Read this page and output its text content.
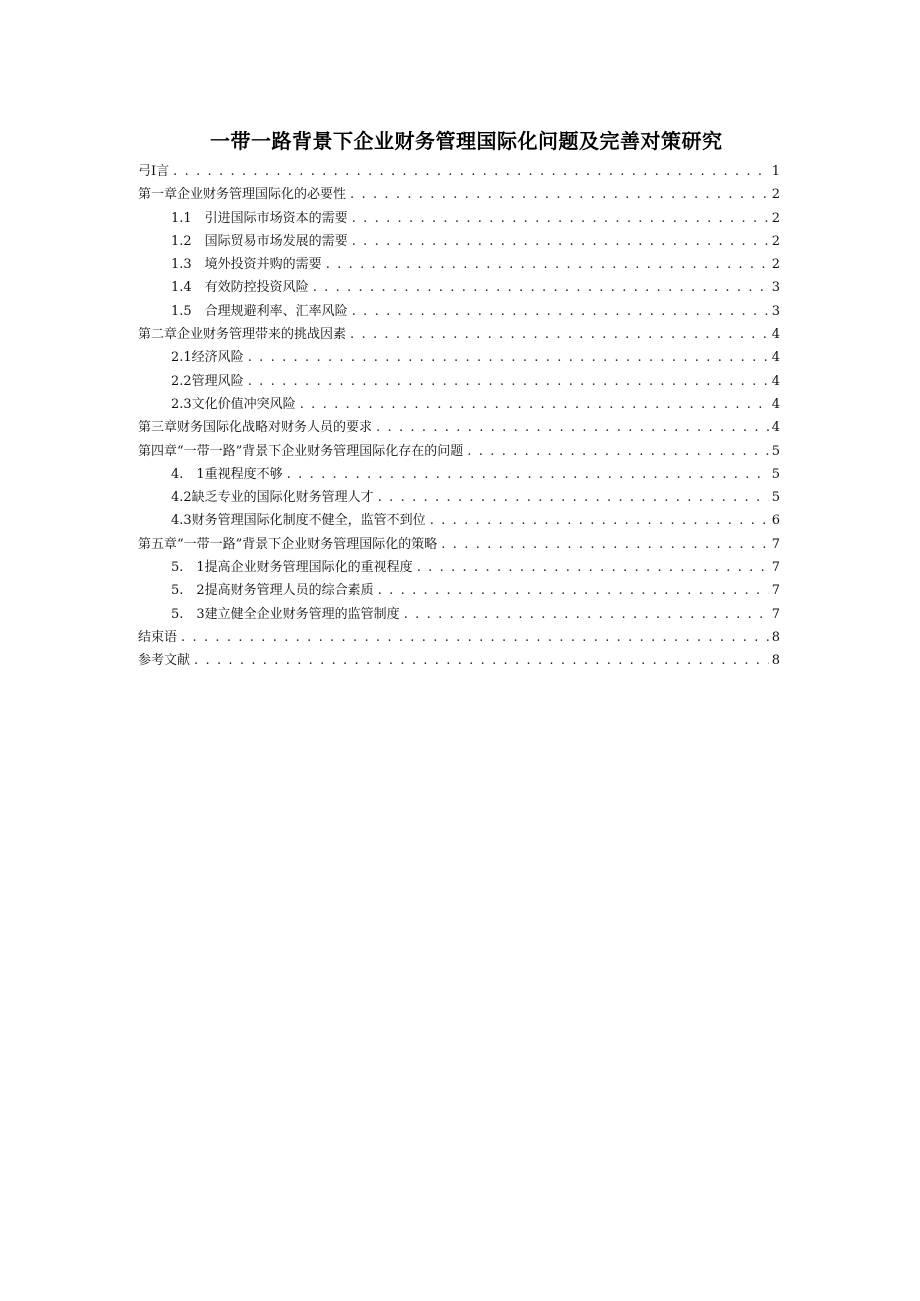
一带一路背景下企业财务管理国际化问题及完善对策研究
弓I言 . . .	1
第一章企业财务管理国际化的必要性 . . .	2
1.1　引进国际市场资本的需要 . . .	2
1.2　国际贸易市场发展的需要 . . .	2
1.3　境外投资并购的需要 . . .	2
1.4　有效防控投资风险 . . .	3
1.5　合理规避利率、汇率风险 . . .	3
第二章企业财务管理带来的挑战因素 . . .	4
2.1经济风险 . . .	4
2.2管理风险 . . .	4
2.3文化价值冲突风险 . . .	4
第三章财务国际化战略对财务人员的要求 . . .	4
第四章“一带一路”背景下企业财务管理国际化存在的问题 . . .	5
4.　1重视程度不够 . . .	5
4.2缺乏专业的国际化财务管理人才 . . .	5
4.3财务管理国际化制度不健全，监管不到位 . . .	6
第五章“一带一路”背景下企业财务管理国际化的策略 . . .	7
5.　1提高企业财务管理国际化的重视程度 . . .	7
5.　2提高财务管理人员的综合素质 . . .	7
5.　3建立健全企业财务管理的监管制度 . . .	7
结束语 . . .	8
参考文献 . . .	8
